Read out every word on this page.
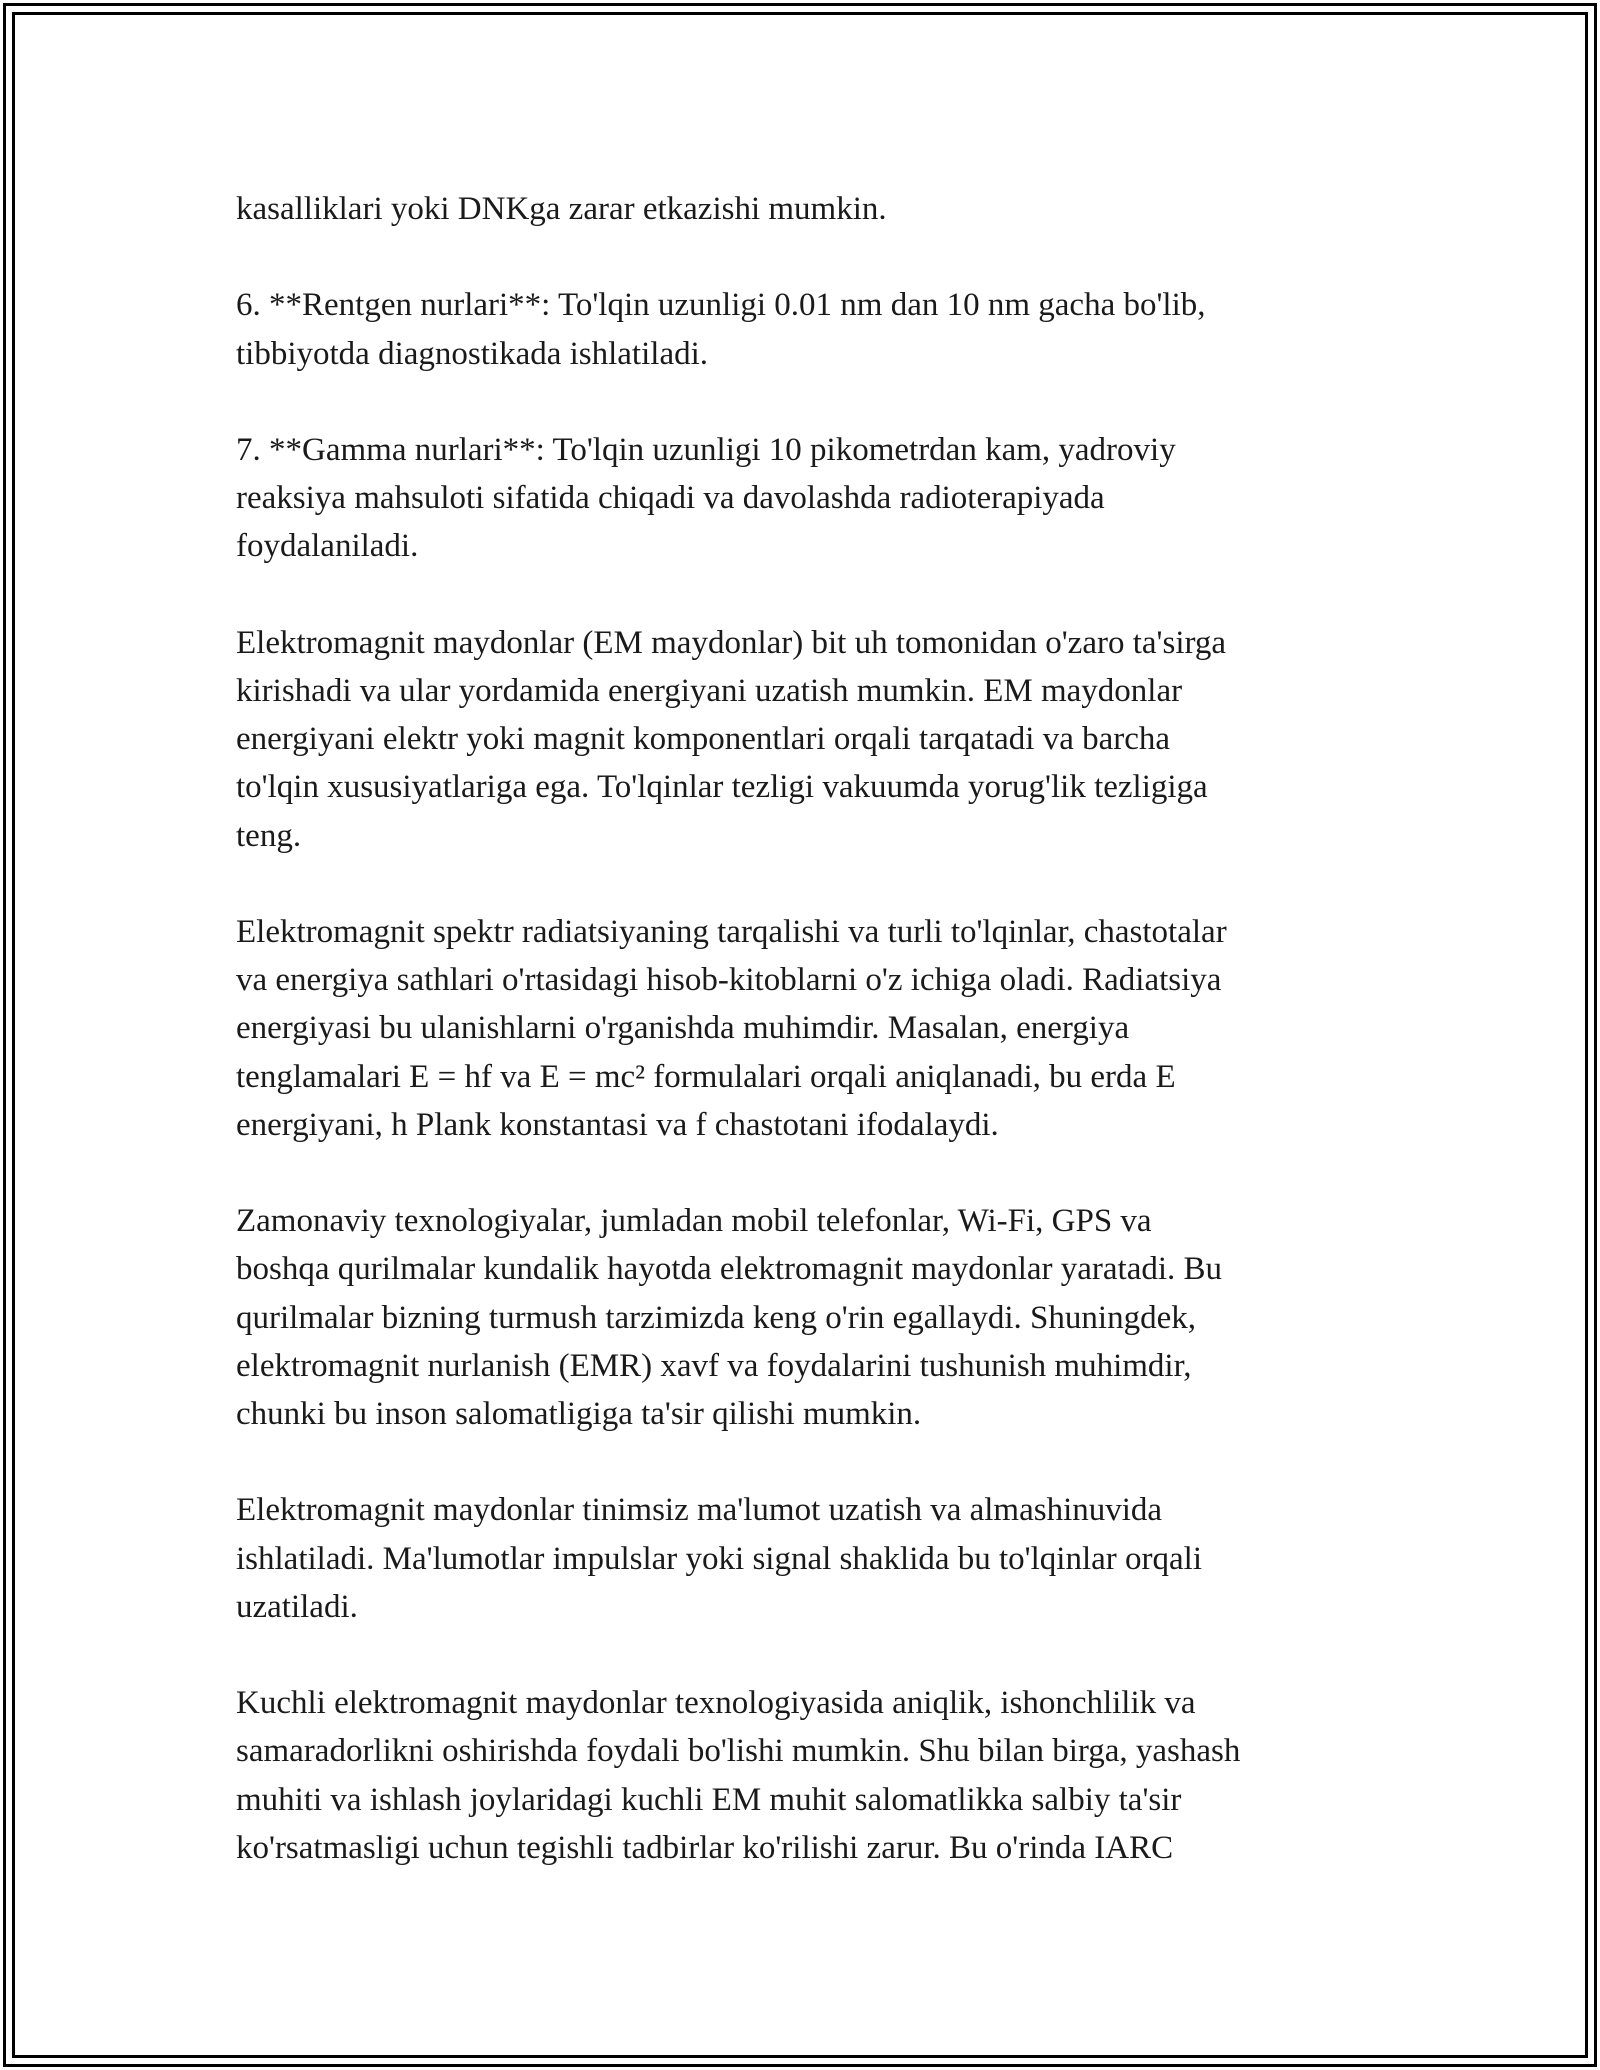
kasalliklari yoki DNKga zarar etkazishi mumkin.

6. **Rentgen nurlari**: To'lqin uzunligi 0.01 nm dan 10 nm gacha bo'lib,
tibbiyotda diagnostikada ishlatiladi.

7. **Gamma nurlari**: To'lqin uzunligi 10 pikometrdan kam, yadroviy
reaksiya mahsuloti sifatida chiqadi va davolashda radioterapiyada
foydalaniladi.

Elektromagnit maydonlar (EM maydonlar) bit uh tomonidan o'zaro ta'sirga
kirishadi va ular yordamida energiyani uzatish mumkin. EM maydonlar
energiyani elektr yoki magnit komponentlari orqali tarqatadi va barcha
to'lqin xususiyatlariga ega. To'lqinlar tezligi vakuumda yorug'lik tezligiga
teng.

Elektromagnit spektr radiatsiyaning tarqalishi va turli to'lqinlar, chastotalar
va energiya sathlari o'rtasidagi hisob-kitoblarni o'z ichiga oladi. Radiatsiya
energiyasi bu ulanishlarni o'rganishda muhimdir. Masalan, energiya
tenglamalari E = hf va E = mc² formulalari orqali aniqlanadi, bu erda E
energiyani, h Plank konstantasi va f chastotani ifodalaydi.

Zamonaviy texnologiyalar, jumladan mobil telefonlar, Wi-Fi, GPS va
boshqa qurilmalar kundalik hayotda elektromagnit maydonlar yaratadi. Bu
qurilmalar bizning turmush tarzimizda keng o'rin egallaydi. Shuningdek,
elektromagnit nurlanish (EMR) xavf va foydalarini tushunish muhimdir,
chunki bu inson salomatligiga ta'sir qilishi mumkin.

Elektromagnit maydonlar tinimsiz ma'lumot uzatish va almashinuvida
ishlatiladi. Ma'lumotlar impulslar yoki signal shaklida bu to'lqinlar orqali
uzatiladi.

Kuchli elektromagnit maydonlar texnologiyasida aniqlik, ishonchlilik va
samaradorlikni oshirishda foydali bo'lishi mumkin. Shu bilan birga, yashash
muhiti va ishlash joylaridagi kuchli EM muhit salomatlikka salbiy ta'sir
ko'rsatmasligi uchun tegishli tadbirlar ko'rilishi zarur. Bu o'rinda IARC
